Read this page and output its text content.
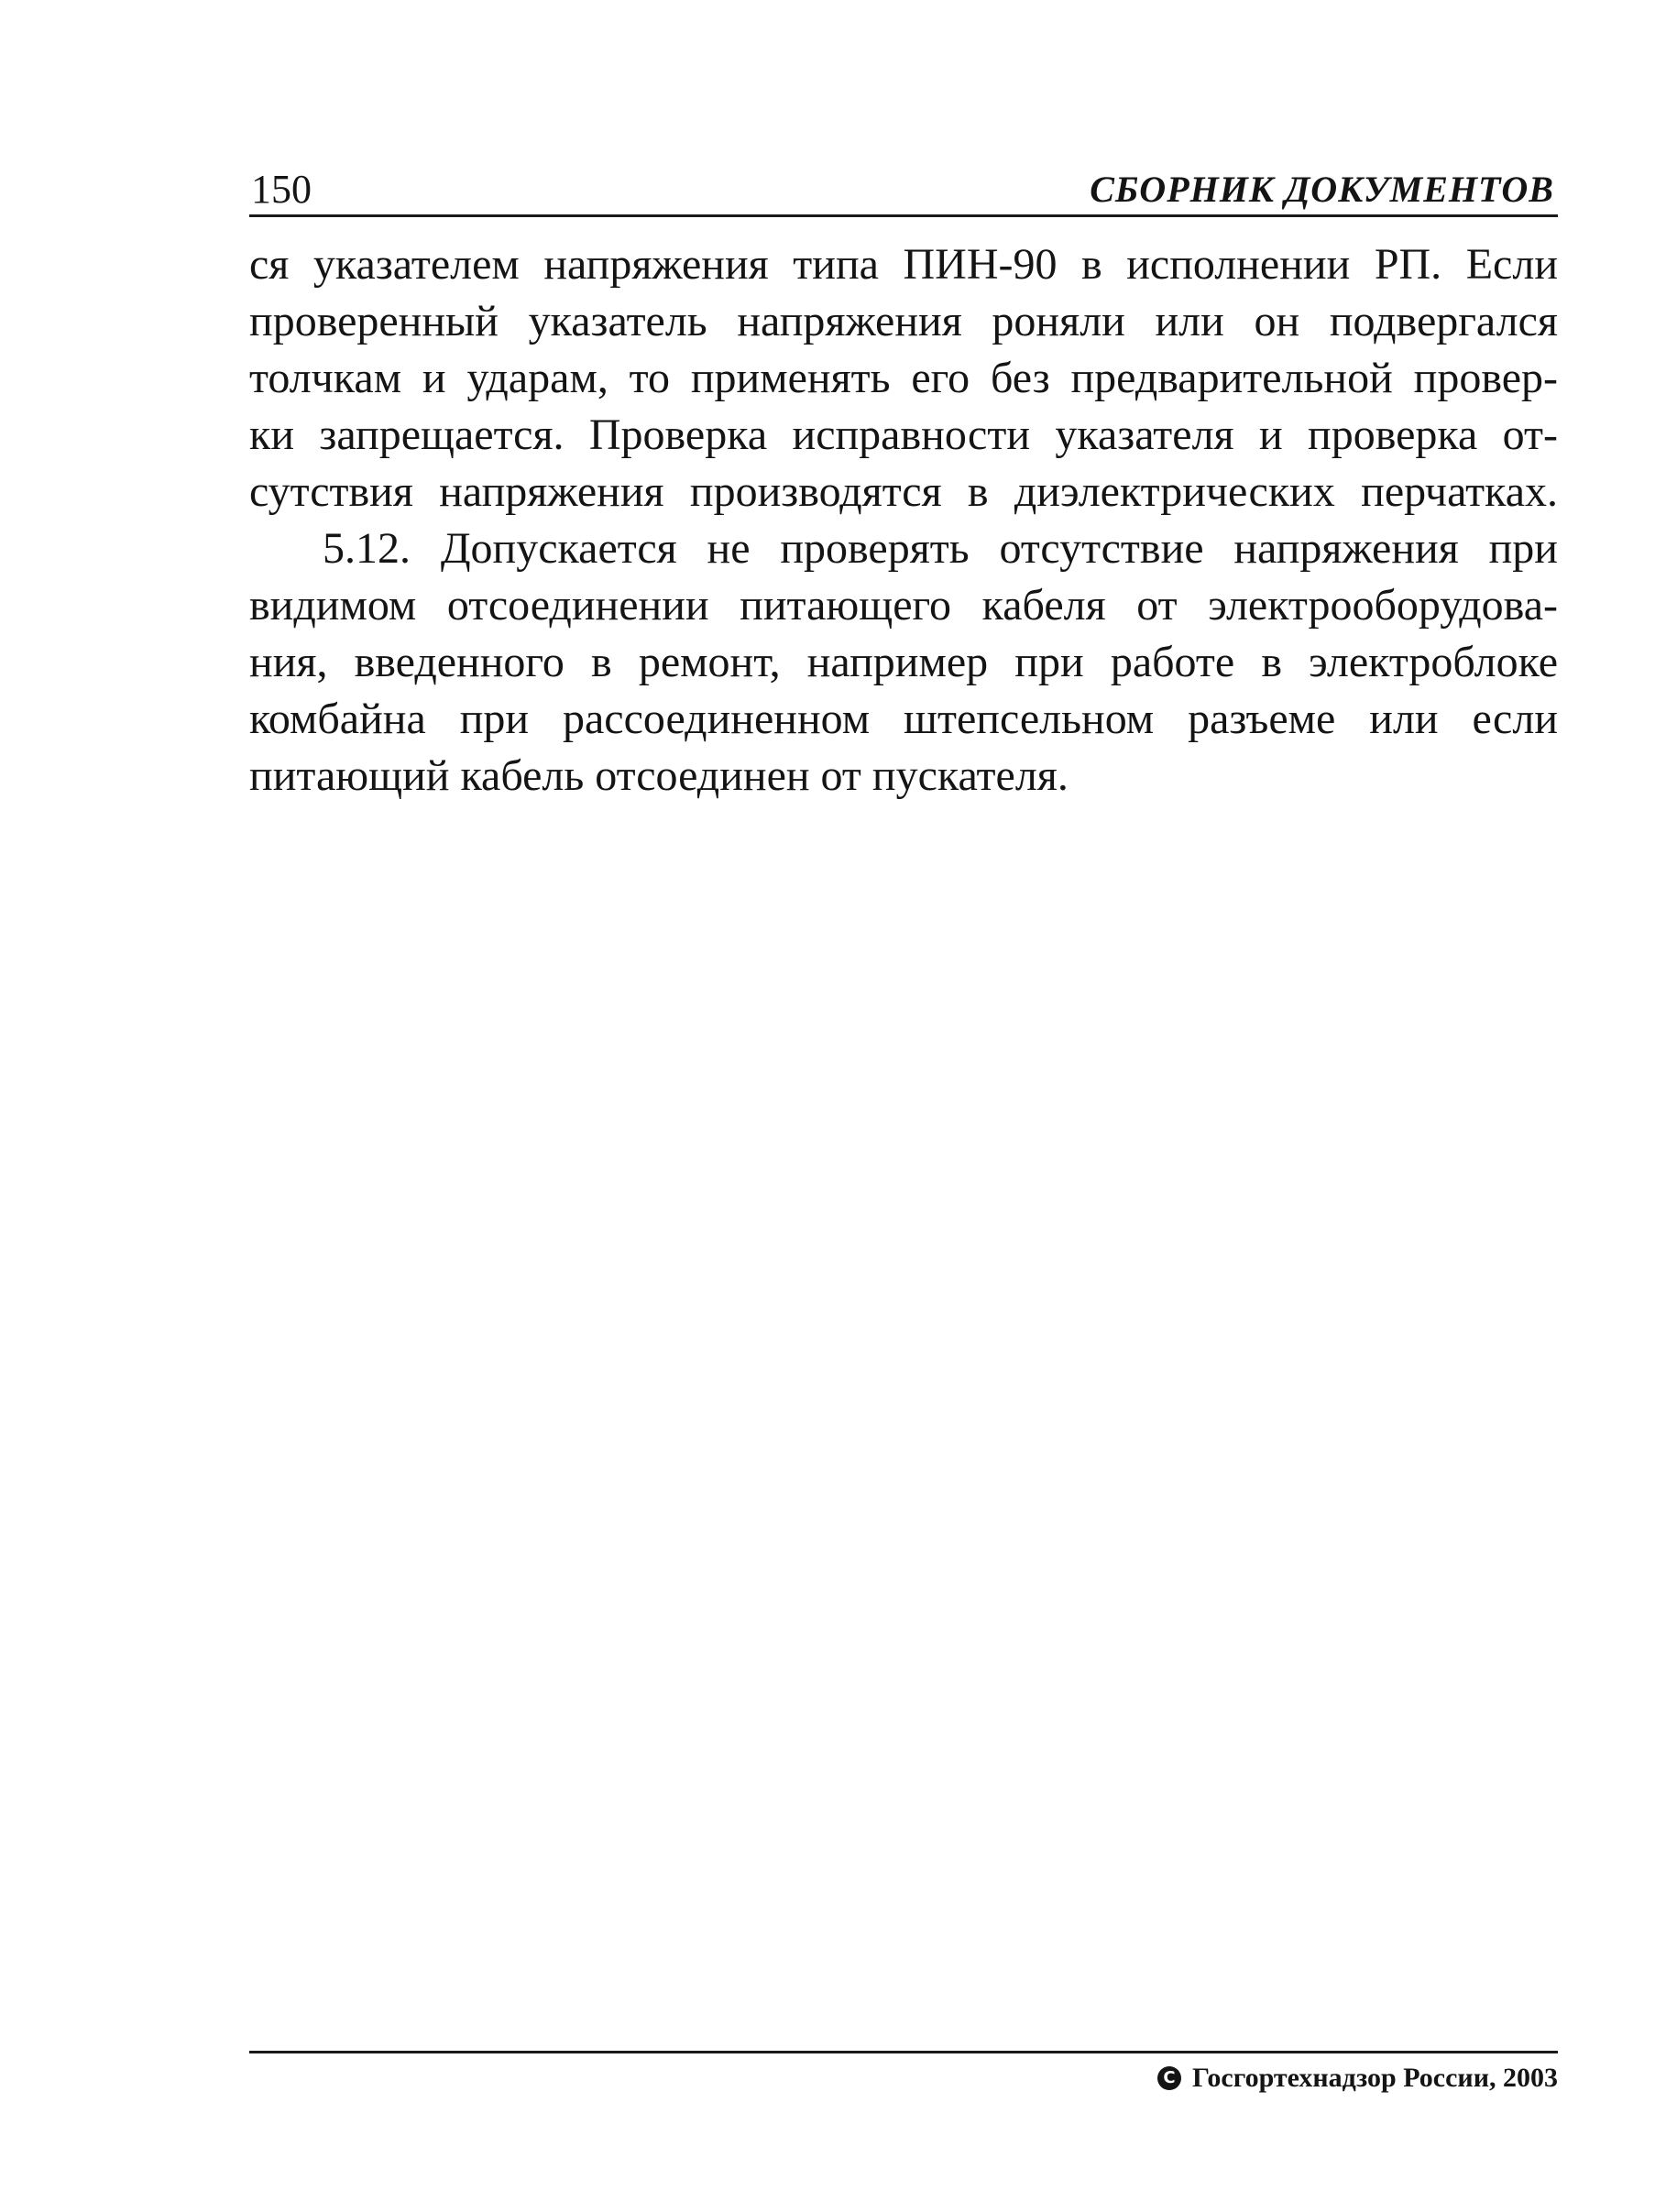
150	СБОРНИК ДОКУМЕНТОВ
ся указателем напряжения типа ПИН-90 в исполнении РП. Если
проверенный указатель напряжения роняли или он подвергался
толчкам и ударам, то применять его без предварительной провер-
ки запрещается. Проверка исправности указателя и проверка от-
сутствия напряжения производятся в диэлектрических перчатках.
5.12. Допускается не проверять отсутствие напряжения при
видимом отсоединении питающего кабеля от электрооборудова-
ния, введенного в ремонт, например при работе в электроблоке
комбайна при рассоединенном штепсельном разъеме или если
питающий кабель отсоединен от пускателя.
C Госгортехнадзор России, 2003
